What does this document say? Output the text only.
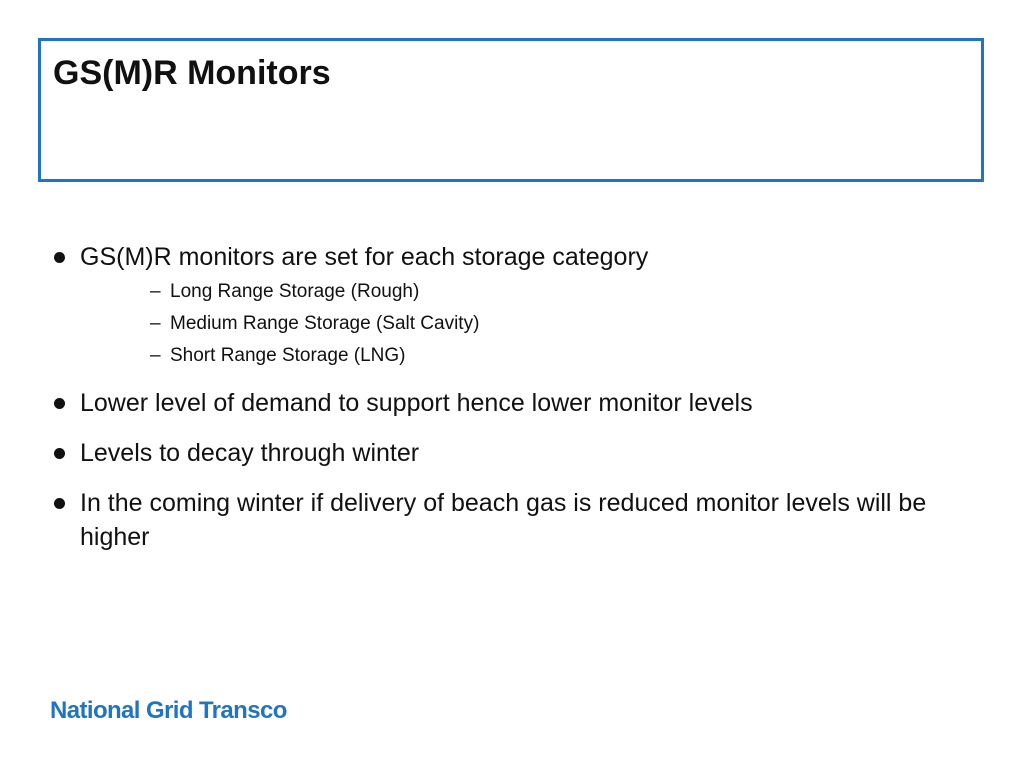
GS(M)R Monitors
GS(M)R monitors are set for each storage category
– Long Range Storage (Rough)
– Medium Range Storage (Salt Cavity)
– Short Range Storage (LNG)
Lower level of demand to support hence lower monitor levels
Levels to decay through winter
In the coming winter if delivery of beach gas is reduced monitor levels will be higher
National Grid Transco
